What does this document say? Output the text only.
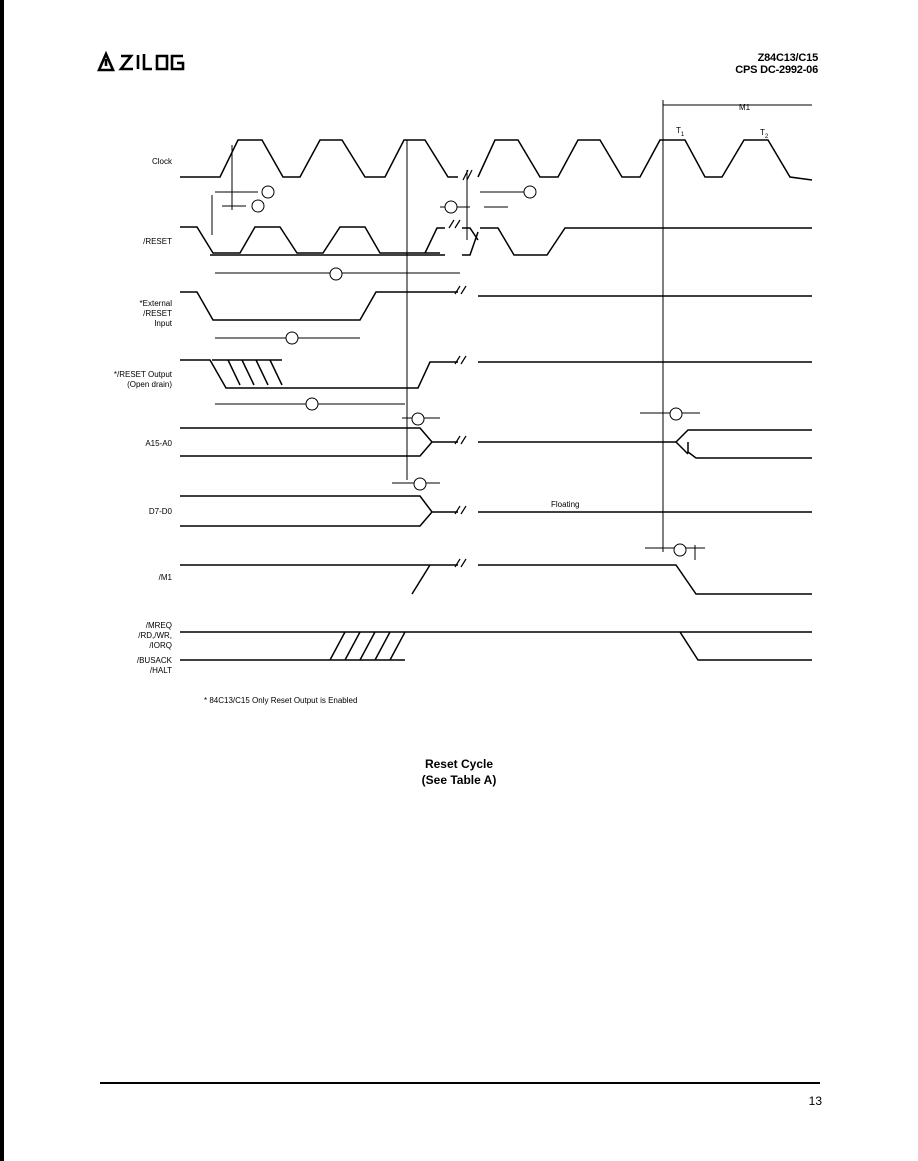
Z84C13/C15
CPS DC-2992-06
Clock
/RESET
*External
/RESET
Input
*/RESET Output
(Open drain)
A15-A0
D7-D0
/M1
/MREQ
/RD,/WR,
/IORQ
/BUSACK
/HALT
M1
$T_1$	$T_2$
Floating
* 84C13/C15 Only Reset Output is Enabled
Reset Cycle
(See Table A)
13
